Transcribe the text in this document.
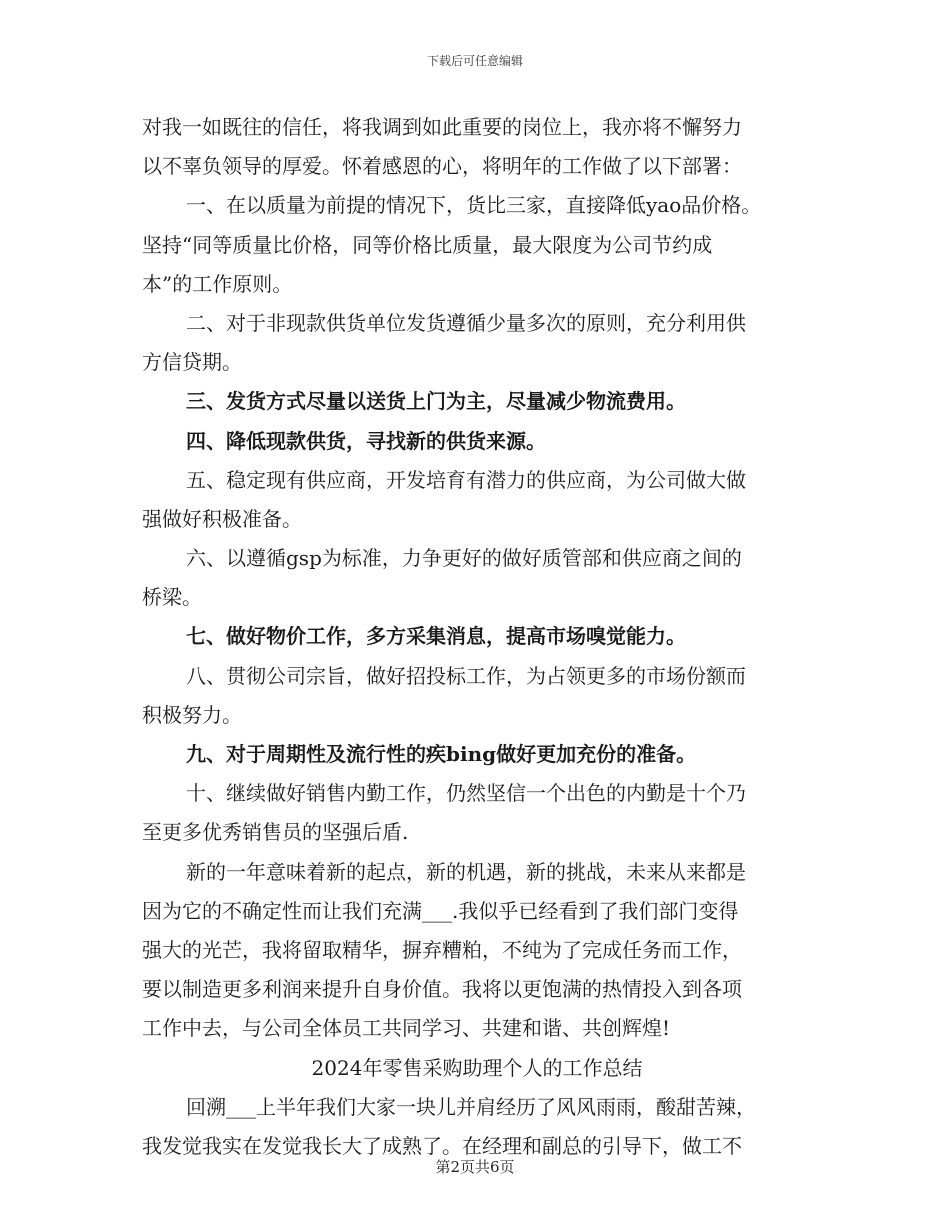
下载后可任意编辑
对我一如既往的信任，将我调到如此重要的岗位上，我亦将不懈努力
以不辜负领导的厚爱。怀着感恩的心，将明年的工作做了以下部署：
一、在以质量为前提的情况下，货比三家，直接降低yao品价格。
坚持“同等质量比价格，同等价格比质量，最大限度为公司节约成
本”的工作原则。
二、对于非现款供货单位发货遵循少量多次的原则，充分利用供
方信贷期。
三、发货方式尽量以送货上门为主，尽量减少物流费用。
四、降低现款供货，寻找新的供货来源。
五、稳定现有供应商，开发培育有潜力的供应商，为公司做大做
强做好积极准备。
六、以遵循gsp为标准，力争更好的做好质管部和供应商之间的
桥梁。
七、做好物价工作，多方采集消息，提高市场嗅觉能力。
八、贯彻公司宗旨，做好招投标工作，为占领更多的市场份额而
积极努力。
九、对于周期性及流行性的疾bing做好更加充份的准备。
十、继续做好销售内勤工作，仍然坚信一个出色的内勤是十个乃
至更多优秀销售员的坚强后盾.
新的一年意味着新的起点，新的机遇，新的挑战，未来从来都是
因为它的不确定性而让我们充满___.我似乎已经看到了我们部门变得
强大的光芒，我将留取精华，摒弃糟粕，不纯为了完成任务而工作，
要以制造更多利润来提升自身价值。我将以更饱满的热情投入到各项
工作中去，与公司全体员工共同学习、共建和谐、共创辉煌!
2024年零售采购助理个人的工作总结
回溯___上半年我们大家一块儿并肩经历了风风雨雨，酸甜苦辣，
我发觉我实在发觉我长大了成熟了。在经理和副总的引导下，做工不
第2页共6页
